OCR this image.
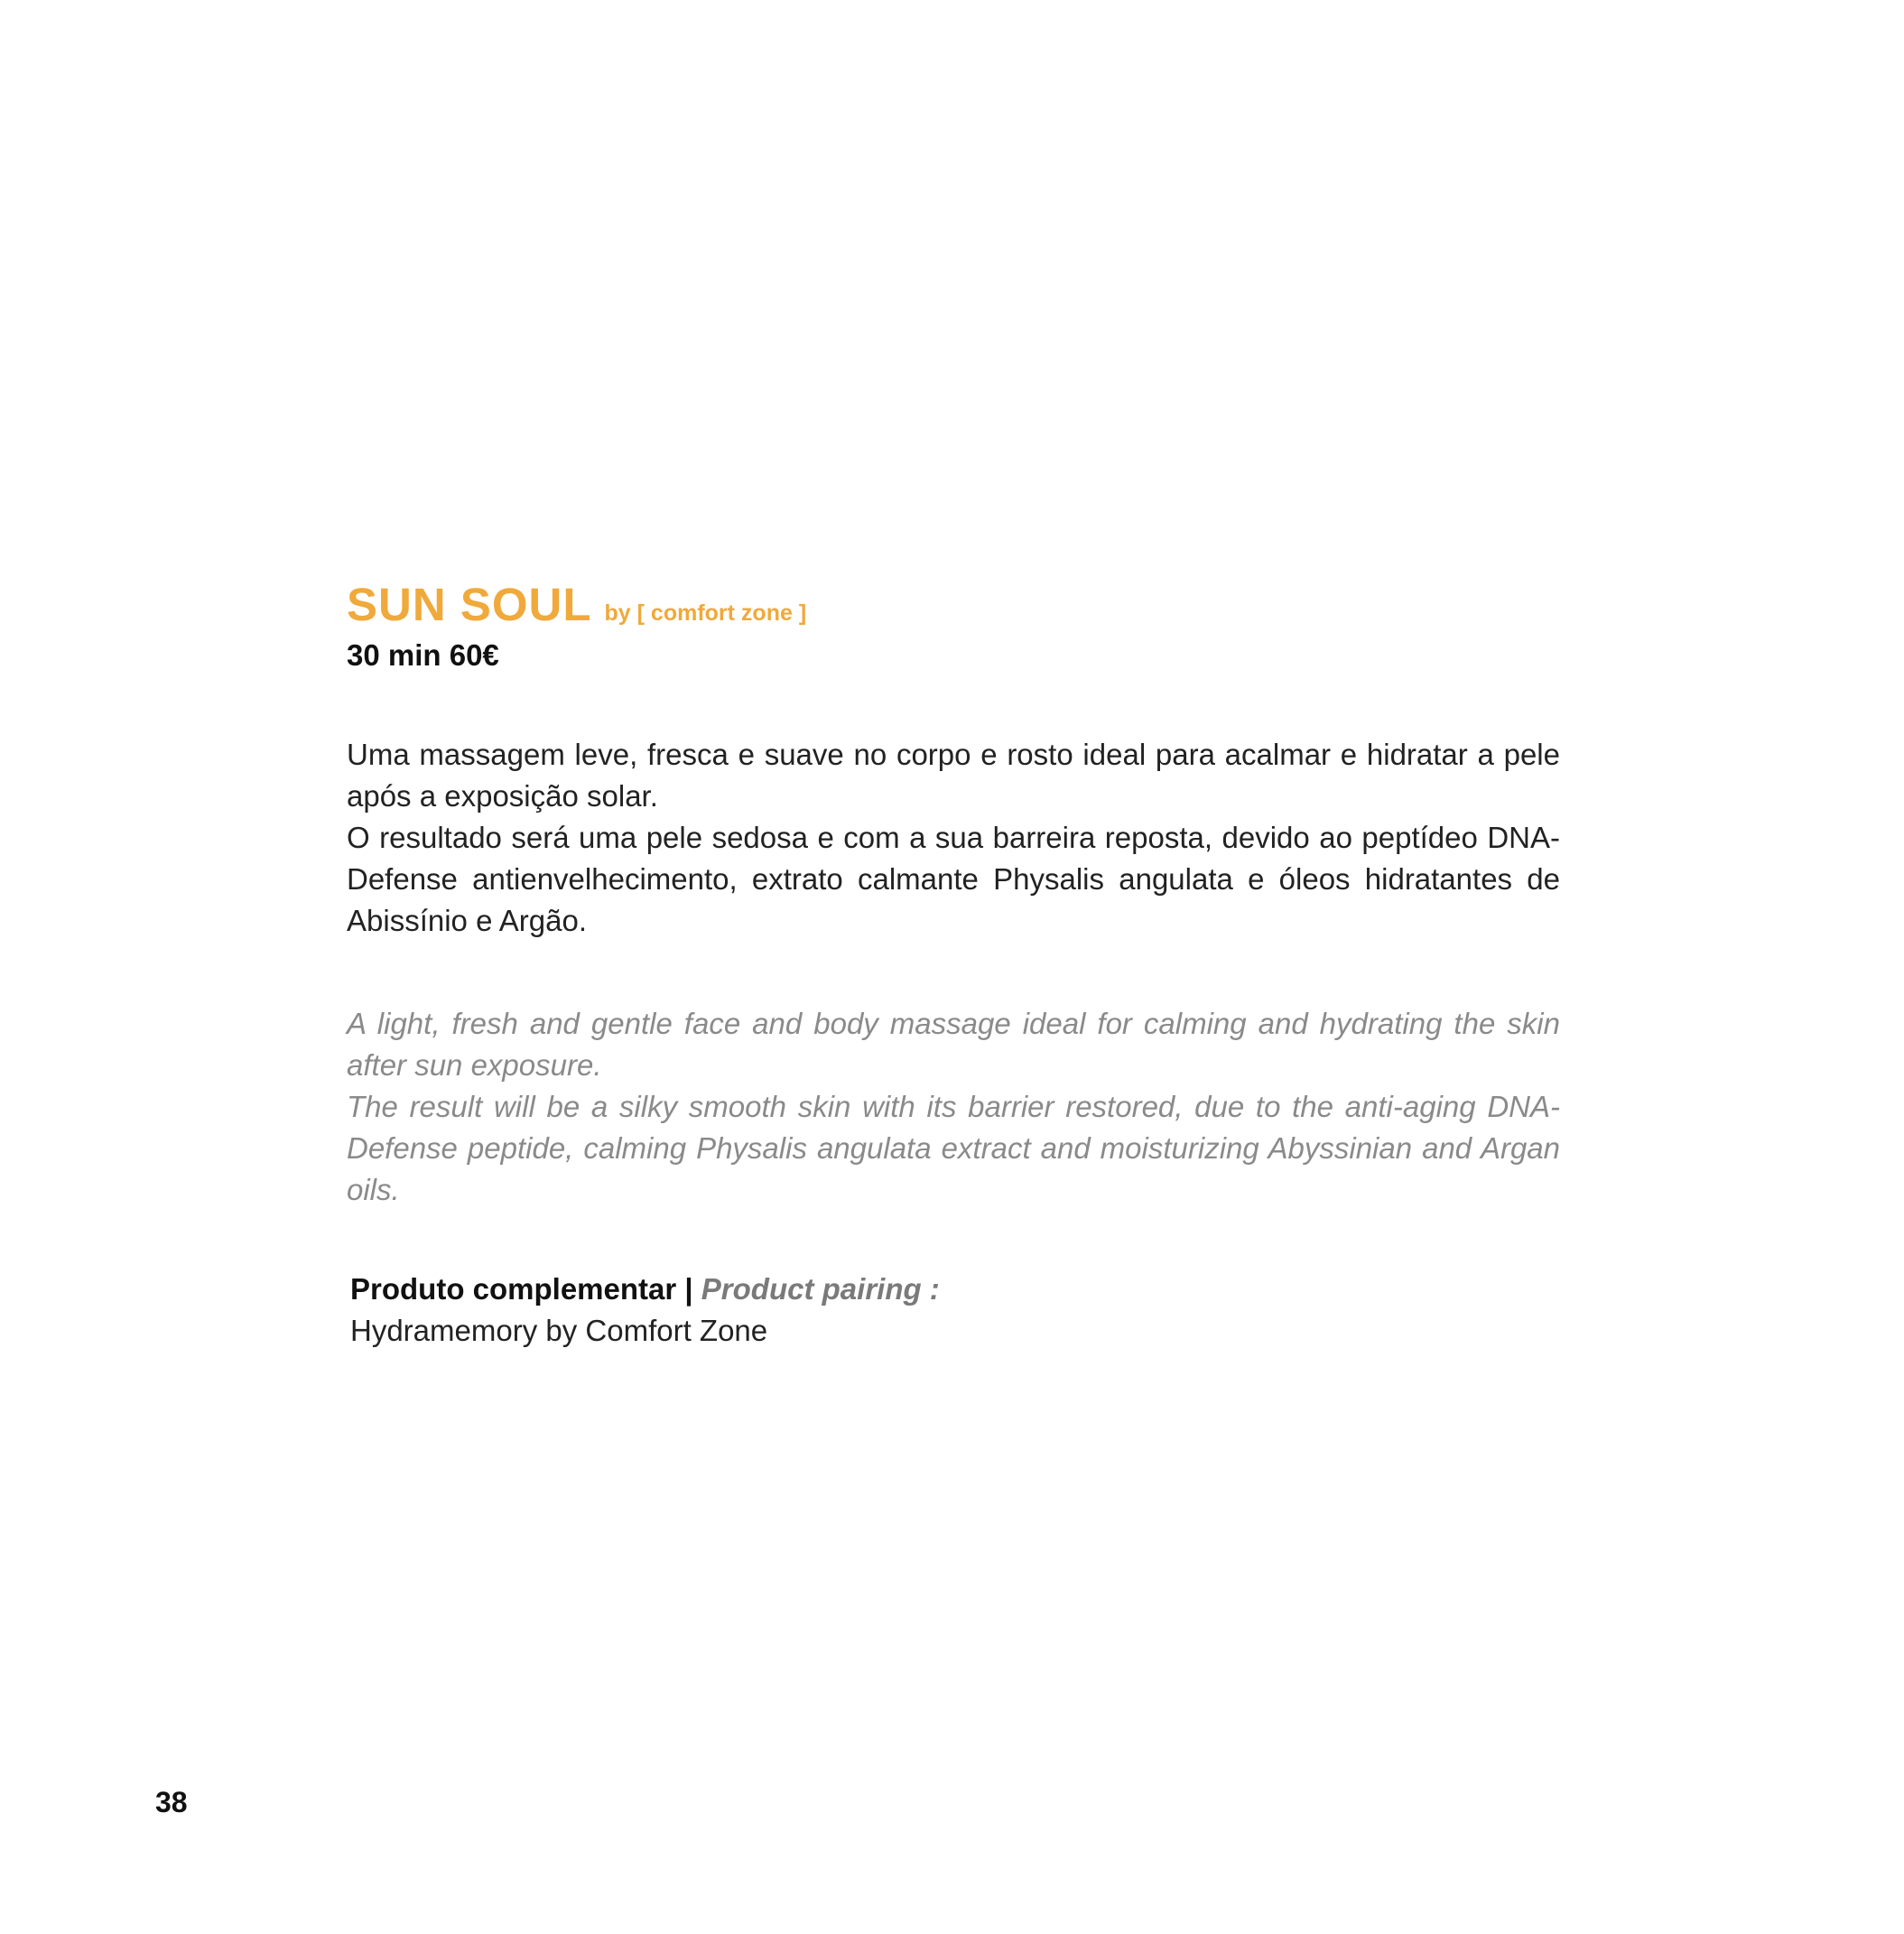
SUN SOUL by [ comfort zone ]
30 min 60€

Uma massagem leve, fresca e suave no corpo e rosto ideal para acalmar e hidratar a pele após a exposição solar.

O resultado será uma pele sedosa e com a sua barreira reposta, devido ao peptídeo DNA-Defense antienvelhecimento, extrato calmante Physalis angulata e óleos hidratantes de Abissínio e Argão.

A light, fresh and gentle face and body massage ideal for calming and hydrating the skin after sun exposure.

The result will be a silky smooth skin with its barrier restored, due to the anti-aging DNA-Defense peptide, calming Physalis angulata extract and moisturizing Abyssinian and Argan oils.

Produto complementar | Product pairing :
Hydramemory by Comfort Zone
38
